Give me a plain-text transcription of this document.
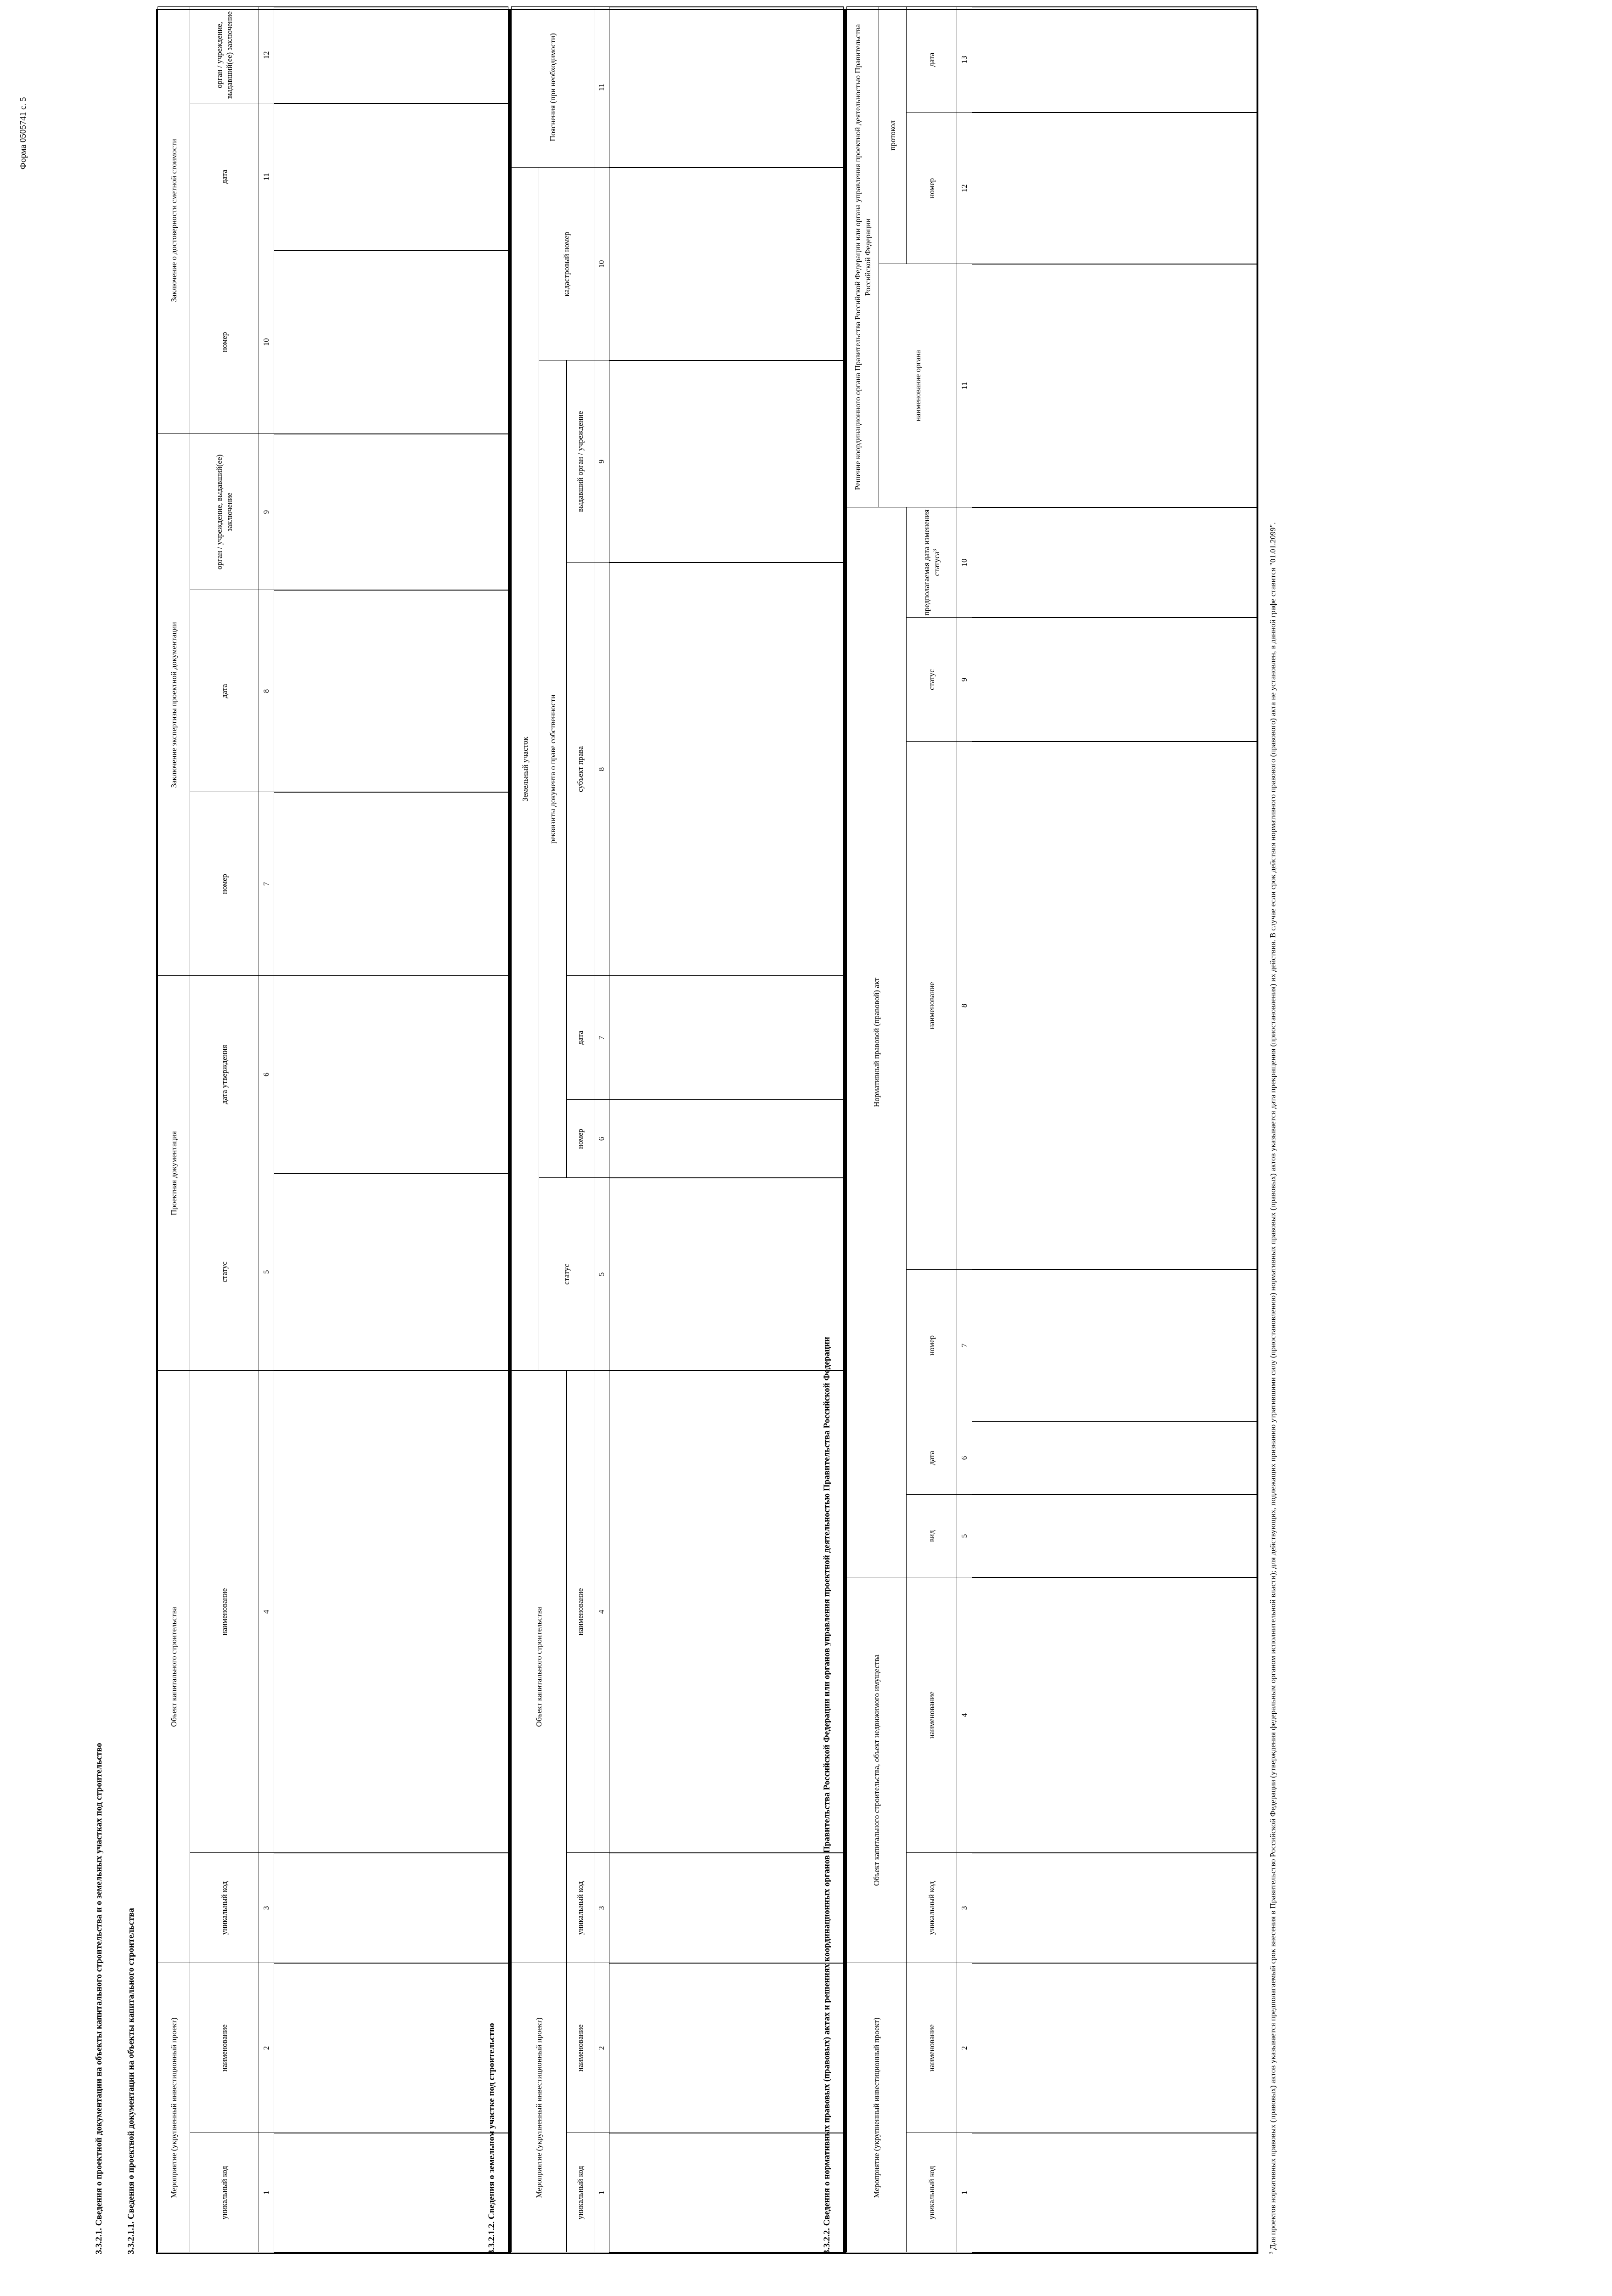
Форма 0505741 с. 5
3.3.2.1. Сведения о проектной документации на объекты капитального строительства и о земельных участках под строительство	3.3.2.1.1. Сведения о проектной документации на объекты капитального строительства	Мероприятие (укрупненный инвестиционный проект)		Объект капитального строительства		Проектная документация		Заключение экспертизы проектной документации			Заключение о достоверности сметной стоимости		
уникальный код	наименование	уникальный код	наименование	статус	дата утверждения	номер	дата	орган / учреждение, выдавший(ее) заключение	номер	дата	орган / учреждение, выдавший(ее) заключение
1	2	3	4	5	6	7	8	9	10	11	12

3.3.2.1.2. Сведения о земельном участке под строительство	Мероприятие (укрупненный инвестиционный проект)		Объект капитального строительства		Земельный участок						Пояснения (при необходимости)
				статус	реквизиты документа о праве собственности				кадастровый номер	
уникальный код	наименование	уникальный код	наименование		номер	дата	субъект права	выдавший орган / учреждение		
1	2	3	4	5	6	7	8	9	10	11

3.3.2.2. Сведения о нормативных правовых (правовых) актах и решениях координационных органов Правительства Российской Федерации или органов управления проектной деятельностью Правительства Российской Федерации	Мероприятие (укрупненный инвестиционный проект)		Объект капитального строительства, объект недвижимого имущества		Нормативный правовой (правовой) акт						Решение координационного органа Правительства Российской Федерации или органа управления проектной деятельностью Правительства Российской Федерации		
										наименование органа	протокол	
уникальный код	наименование	уникальный код	наименование	вид	дата	номер	наименование	статус	предполагаемая дата изменения статуса$^3$		номер	дата
1	2	3	4	5	6	7	8	9	10	11	12	13

$^3$ Для проектов нормативных правовых (правовых) актов указывается предполагаемый срок внесения в Правительство Российской Федерации (утверждения федеральным органом исполнительной власти); для действующих, подлежащих признанию утратившими силу (приостановлению) нормативных правовых (правовых) актов указывается дата прекращения (приостановления) их действия. В случае если срок действия нормативного правового (правового) акта не установлен, в данной графе ставится "01.01.2099".
